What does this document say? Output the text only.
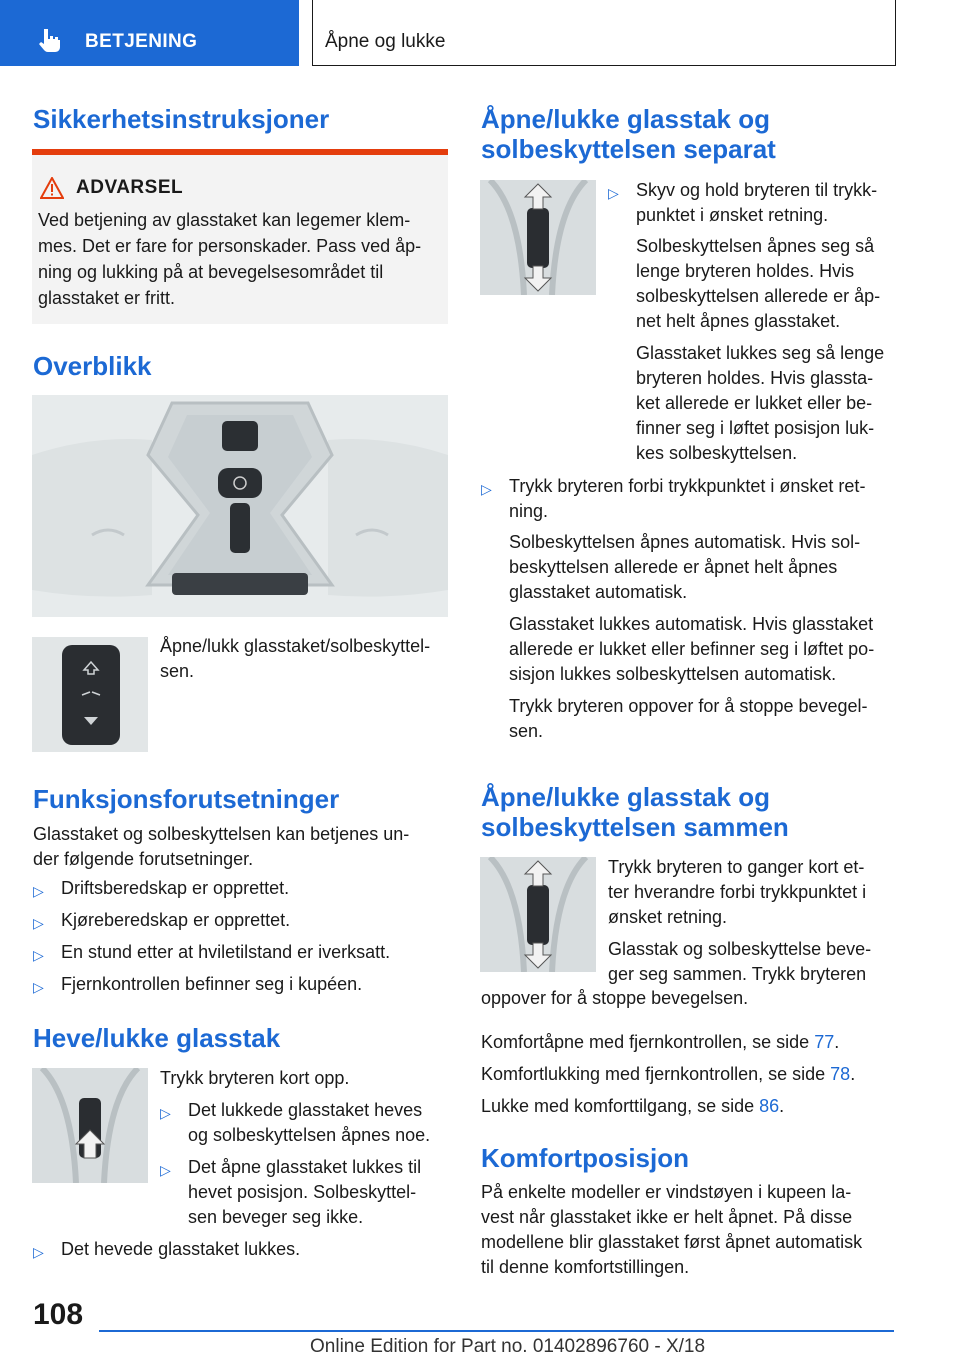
BETJENING	Åpne og lukke
Sikkerhetsinstruksjoner
ADVARSEL
Ved betjening av glasstaket kan legemer klem-
mes. Det er fare for personskader. Pass ved åp-
ning og lukking på at bevegelsesområdet til
glasstaket er fritt.
Overblikk
Åpne/lukk glasstaket/solbeskyttel-
sen.
Funksjonsforutsetninger
Glasstaket og solbeskyttelsen kan betjenes un-
der følgende forutsetninger.
▷ Driftsberedskap er opprettet.
▷ Kjøreberedskap er opprettet.
▷ En stund etter at hviletilstand er iverksatt.
▷ Fjernkontrollen befinner seg i kupéen.
Heve/lukke glasstak
Trykk bryteren kort opp.
▷ Det lukkede glasstaket heves
og solbeskyttelsen åpnes noe.
▷ Det åpne glasstaket lukkes til
hevet posisjon. Solbeskyttel-
sen beveger seg ikke.
▷ Det hevede glasstaket lukkes.
Åpne/lukke glasstak og
solbeskyttelsen separat
▷ Skyv og hold bryteren til trykk-
punktet i ønsket retning.
Solbeskyttelsen åpnes seg så
lenge bryteren holdes. Hvis
solbeskyttelsen allerede er åp-
net helt åpnes glasstaket.
Glasstaket lukkes seg så lenge
bryteren holdes. Hvis glassta-
ket allerede er lukket eller be-
finner seg i løftet posisjon luk-
kes solbeskyttelsen.
▷ Trykk bryteren forbi trykkpunktet i ønsket ret-
ning.
Solbeskyttelsen åpnes automatisk. Hvis sol-
beskyttelsen allerede er åpnet helt åpnes
glasstaket automatisk.
Glasstaket lukkes automatisk. Hvis glasstaket
allerede er lukket eller befinner seg i løftet po-
sisjon lukkes solbeskyttelsen automatisk.
Trykk bryteren oppover for å stoppe bevegel-
sen.
Åpne/lukke glasstak og
solbeskyttelsen sammen
Trykk bryteren to ganger kort et-
ter hverandre forbi trykkpunktet i
ønsket retning.
Glasstak og solbeskyttelse beve-
ger seg sammen. Trykk bryteren
oppover for å stoppe bevegelsen.
Komfortåpne med fjernkontrollen, se side 77.
Komfortlukking med fjernkontrollen, se side 78.
Lukke med komforttilgang, se side 86.
Komfortposisjon
På enkelte modeller er vindstøyen i kupeen la-
vest når glasstaket ikke er helt åpnet. På disse
modellene blir glasstaket først åpnet automatisk
til denne komfortstillingen.
108
Online Edition for Part no. 01402896760 - X/18
